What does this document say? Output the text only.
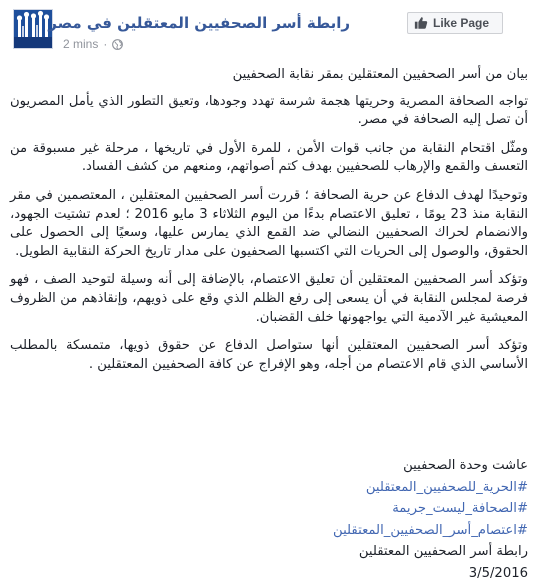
Like Page
رابطة أسر الصحفيين المعتقلين في مصر
2 mins ·

بيان من أسر الصحفيين المعتقلين بمقر نقابة الصحفيين

تواجه الصحافة المصرية وحريتها هجمة شرسة تهدد وجودها، وتعيق التطور الذي يأمل المصريون أن تصل إليه الصحافة في مصر.

ومثّل اقتحام النقابة من جانب قوات الأمن ، للمرة الأول في تاريخها ، مرحلة غير مسبوقة من التعسف والقمع والإرهاب للصحفيين بهدف كتم أصواتهم، ومنعهم من كشف الفساد.

وتوحيدًا لهدف الدفاع عن حرية الصحافة ؛ قررت أسر الصحفيين المعتقلين ، المعتصمين في مقر النقابة منذ 23 يومًا ، تعليق الاعتصام بدءًا من اليوم الثلاثاء 3 مايو 2016 ؛ لعدم تشتيت الجهود، والانضمام لحراك الصحفيين النضالي ضد القمع الذي يمارس عليها، وسعيًا إلى الحصول على الحقوق، والوصول إلى الحريات التي اكتسبها الصحفيون على مدار تاريخ الحركة النقابية الطويل.

وتؤكد أسر الصحفيين المعتقلين أن تعليق الاعتصام، بالإضافة إلى أنه وسيلة لتوحيد الصف ، فهو فرصة لمجلس النقابة في أن يسعى إلى رفع الظلم الذي وقع على ذويهم، وإنقاذهم من الظروف المعيشية غير الآدمية التي يواجهونها خلف القضبان.

وتؤكد أسر الصحفيين المعتقلين أنها ستواصل الدفاع عن حقوق ذويها، متمسكة بالمطلب الأساسي الذي قام الاعتصام من أجله، وهو الإفراج عن كافة الصحفيين المعتقلين .

عاشت وحدة الصحفيين
#الحرية_للصحفيين_المعتقلين
#الصحافة_ليست_جريمة
#اعتصام_أسر_الصحفيين_المعتقلين
رابطة أسر الصحفيين المعتقلين
3/5/2016
